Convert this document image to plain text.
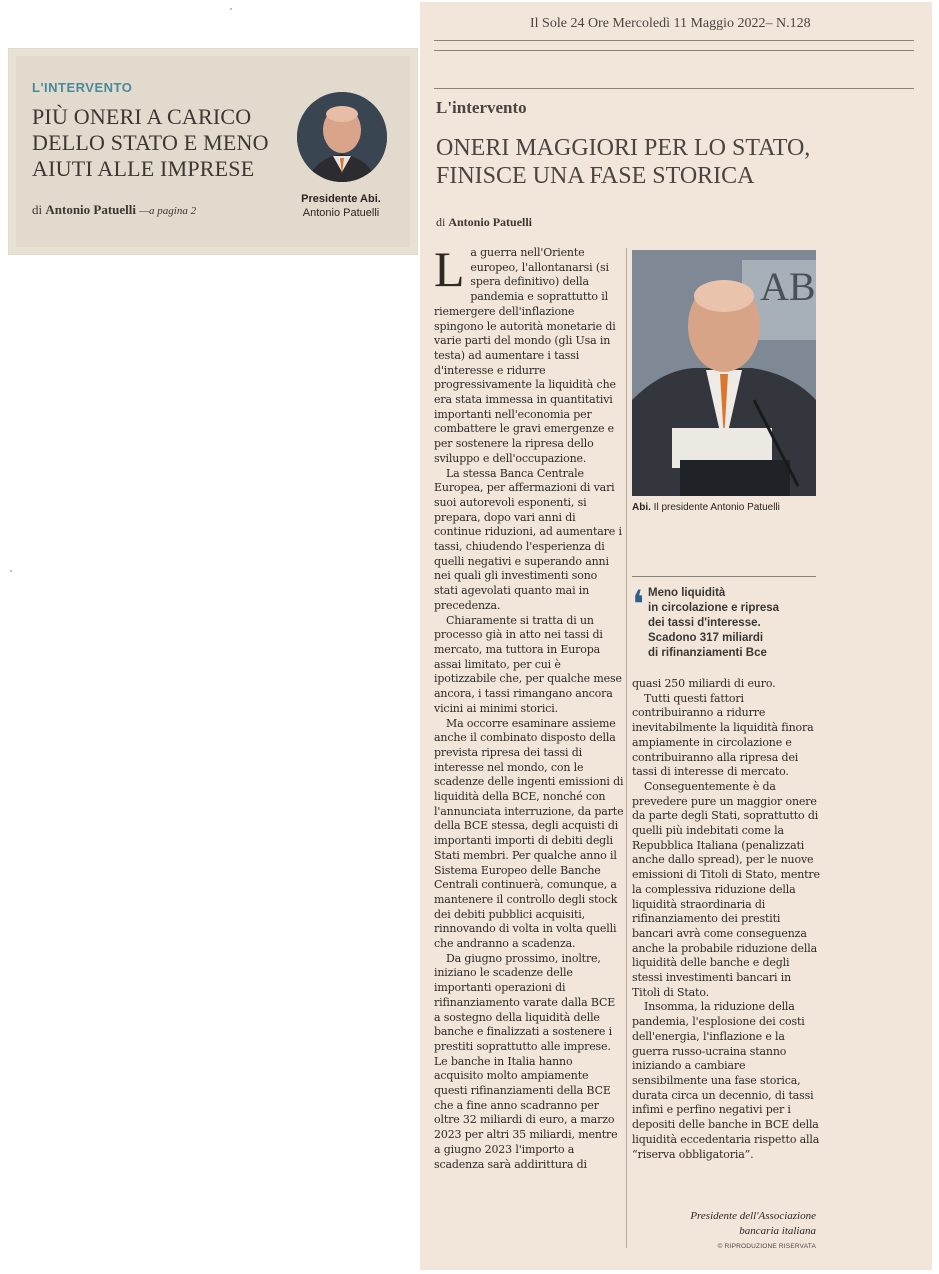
L'INTERVENTO
PIÙ ONERI A CARICO
DELLO STATO E MENO
AIUTI ALLE IMPRESE
di Antonio Patuelli —a pagina 2
Presidente Abi.
Antonio Patuelli
Il Sole 24 Ore Mercoledì 11 Maggio 2022– N.128
L'intervento
ONERI MAGGIORI PER LO STATO,
FINISCE UNA FASE STORICA
di Antonio Patuelli

La guerra nell'Oriente europeo, l'allontanarsi (si spera definitivo) della pandemia e soprattutto il riemergere dell'inflazione spingono le autorità monetarie di varie parti del mondo (gli Usa in testa) ad aumentare i tassi d'interesse e ridurre progressivamente la liquidità che era stata immessa in quantitativi importanti nell'economia per combattere le gravi emergenze e per sostenere la ripresa dello sviluppo e dell'occupazione.

La stessa Banca Centrale Europea, per affermazioni di vari suoi autorevoli esponenti, si prepara, dopo vari anni di continue riduzioni, ad aumentare i tassi, chiudendo l'esperienza di quelli negativi e superando anni nei quali gli investimenti sono stati agevolati quanto mai in precedenza.

Chiaramente si tratta di un processo già in atto nei tassi di mercato, ma tuttora in Europa assai limitato, per cui è ipotizzabile che, per qualche mese ancora, i tassi rimangano ancora vicini ai minimi storici.

Ma occorre esaminare assieme anche il combinato disposto della prevista ripresa dei tassi di interesse nel mondo, con le scadenze delle ingenti emissioni di liquidità della BCE, nonché con l'annunciata interruzione, da parte della BCE stessa, degli acquisti di importanti importi di debiti degli Stati membri. Per qualche anno il Sistema Europeo delle Banche Centrali continuerà, comunque, a mantenere il controllo degli stock dei debiti pubblici acquisiti, rinnovando di volta in volta quelli che andranno a scadenza.

Da giugno prossimo, inoltre, iniziano le scadenze delle importanti operazioni di rifinanziamento varate dalla BCE a sostegno della liquidità delle banche e finalizzati a sostenere i prestiti soprattutto alle imprese. Le banche in Italia hanno acquisito molto ampiamente questi rifinanziamenti della BCE che a fine anno scadranno per oltre 32 miliardi di euro, a marzo 2023 per altri 35 miliardi, mentre a giugno 2023 l'importo a scadenza sarà addirittura di

AB
Abi. Il presidente Antonio Patuelli
❛ Meno liquidità
in circolazione e ripresa
dei tassi d'interesse.
Scadono 317 miliardi
di rifinanziamenti Bce

quasi 250 miliardi di euro.

Tutti questi fattori contribuiranno a ridurre inevitabilmente la liquidità finora ampiamente in circolazione e contribuiranno alla ripresa dei tassi di interesse di mercato.

Conseguentemente è da prevedere pure un maggior onere da parte degli Stati, soprattutto di quelli più indebitati come la Repubblica Italiana (penalizzati anche dallo spread), per le nuove emissioni di Titoli di Stato, mentre la complessiva riduzione della liquidità straordinaria di rifinanziamento dei prestiti bancari avrà come conseguenza anche la probabile riduzione della liquidità delle banche e degli stessi investimenti bancari in Titoli di Stato.

Insomma, la riduzione della pandemia, l'esplosione dei costi dell'energia, l'inflazione e la guerra russo-ucraina stanno iniziando a cambiare sensibilmente una fase storica, durata circa un decennio, di tassi infimi e perfino negativi per i depositi delle banche in BCE della liquidità eccedentaria rispetto alla “riserva obbligatoria”.

Presidente dell'Associazione
bancaria italiana
© RIPRODUZIONE RISERVATA
